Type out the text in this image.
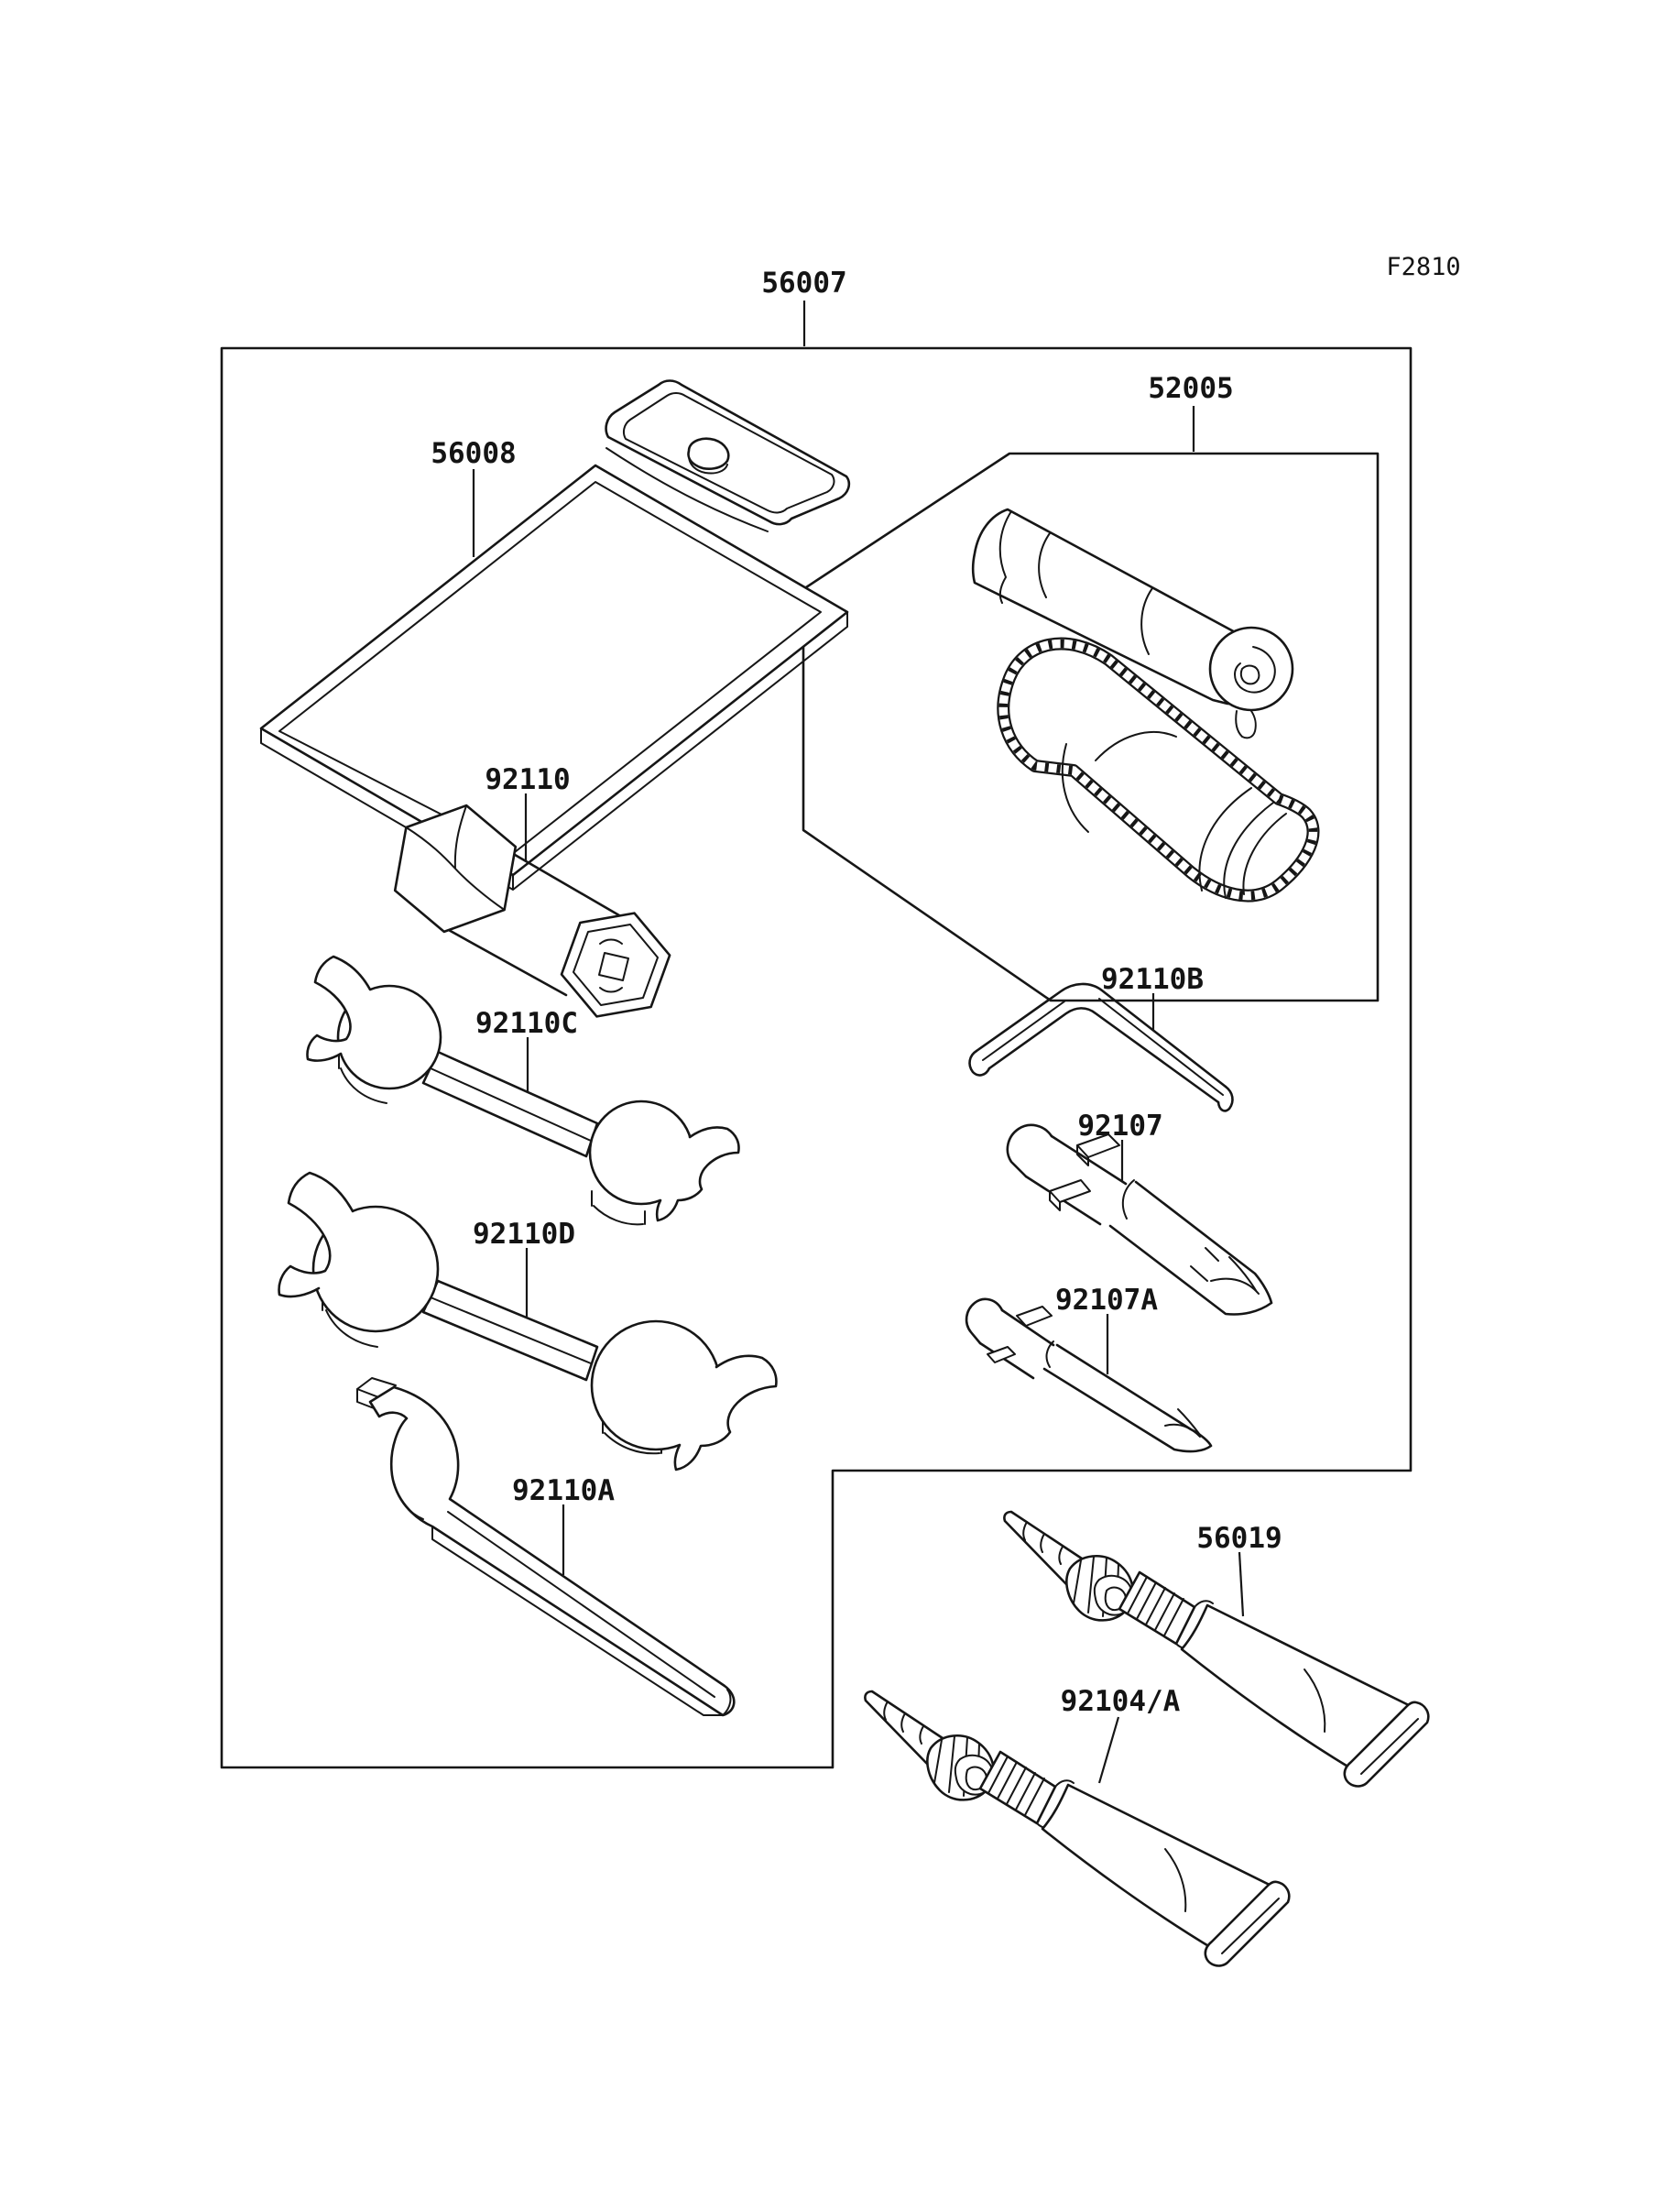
F2810
56007
56008
52005
92110
92110C
92110B
92107
92110D
92107A
92110A
56019
92104/A
